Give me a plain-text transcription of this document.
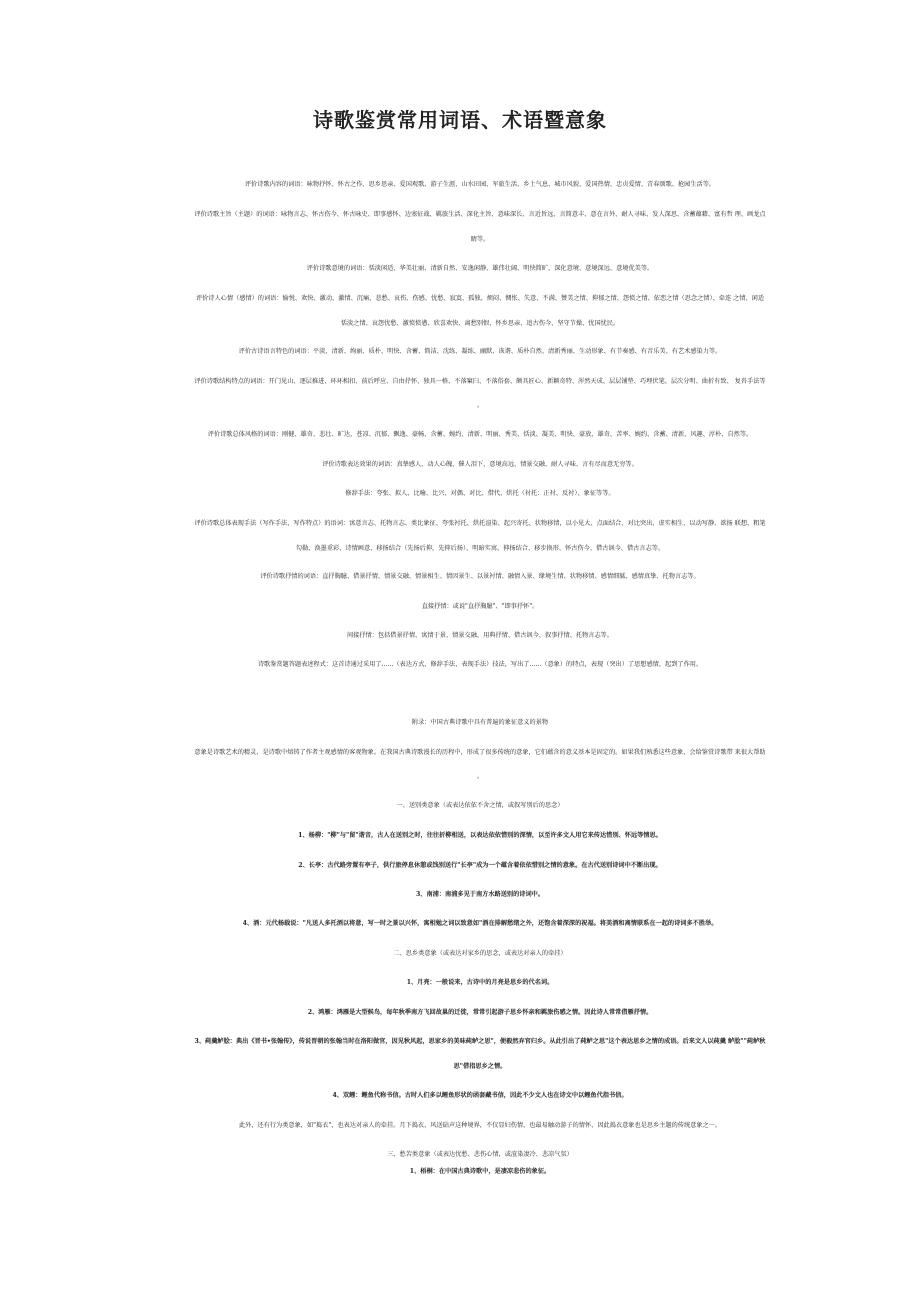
诗歌鉴赏常用词语、术语暨意象
评价诗歌内容的词语：咏物抒怀、怀古之作、思乡思亲、爱国观歌、游子生涯、山水田园、军旅生活、乡土气息、城市风貌、爱国热情、忠贞爱情、青春颂歌、抢园生活等。
评价诗歌主旨（主题）的词语：咏物言志、怀古伤今、怀古咏史、即事感怀、边塞征战、羁旅生活、深化主旨、意味深长、言近旨远、言简意丰、意在言外、耐人寻味、发人深思、含蓄蕴藉、富有哲 理、画龙点
睛等。
评价诗歌意境的词语：恬淡闲适、华美壮丽、清新自然、安逸闲静、雄伟壮阔、明快简旷、深化意境、意境深远、意境优美等。
评价诗人心情（感情）的词语：愉悦、欢快、激动、激情、沉痛、悲愁、哀伤、伤感、忧愁、寂寞、孤独、烦闷、惆怅、失意、不满、赞美之情、抑郁之情、怨愤之情、依恋之情（思念之情）、牵连 之情、闲适
恬淡之情、哀怨忧愁、激愤愤懑、欣喜欢快、离愁别恨、怀乡思亲、追古伤今、坚守节操、忧国忧民。
评价古诗语言特色的词语：平淡、清新、绚丽、质朴、明快、含蓄、简洁、沈练、凝练、幽默、诙谐、质朴自然、清新秀丽、生动形象、有节奏感、有音乐美、有艺术感染力等。
评价诗歌结构特点的词语：开门见山、逐层推进、环环相扣、前后呼应、自由抒怀、独具一格、不落窠臼、不落俗套、颇具匠心、新颖奇特、浑然天成、层层铺垫、巧埋伏笔、层次分明、曲折有致、 复沓手法等
。
评价诗歌总体风格的词语：刚健、雄奇、悲壮、旷达、苍凉、沉郁、飘逸、豪畅、含蓄、婉约、清新、明丽、秀美、恬淡、凝美、明快、豪放、雄奇、苦率、婉约、含蓄、清新、风趣、淳朴、自然等。
评价诗歌表达效果的词语：真挚感人、动人心魄、催人泪下、意境高远、情景交融、耐人寻味、言有尽而意无穷等。
修辞手法：夸张、拟人、比喻、比兴、对偶、对比、借代、烘托（衬托：正衬、反衬）、象征等等。
评价诗歌总体表现手法（写作手法，写作特点）的语词：寓意言志、托物言志、类比象征、夸张衬托、烘托渲染、起兴寄托、状物移情，以小见大、点面结合、对比突出、虚实相生、以动写静、欲扬 联想、粗笔
勾勒、涣墨重彩、诗情画意、移扬结合（先扬后抑，先抑后扬）、明暗实寓、抑扬结合、移步换形、怀古伤今、借古讽今、借古言志等。
评价诗歌抒情的词语：直抒胸臆、借景抒情、情景交融、情景相生、情因景生、以景衬情、融情入景、缘境生情、状物移情、感情细腻、感情真挚、托物言志等。
直接抒情：或说"直抒胸臆"、"即事抒怀"。
间接抒情：包括借景抒情、寓情于景、情景交融、用典抒情、借古讽今、叙事抒情、托物言志等。
诗歌鉴赏题答题表述程式：这首诗通过采用了......（表达方式，修辞手法，表现手法）技法，写出了......（意象）的特点，表现（突出）了思想感情，起到了作用。
附录：中国古典诗歌中具有普遍的象征意义的景物
意象是诗歌艺术的精灵，是诗歌中熔铸了作者主观感情的客观物象。在我国古典诗歌漫长的历程中，形成了很多传统的意象，它们蕴含的意义基本是固定的。如果我们熟悉这些意象，会给鉴赏诗歌带 来很大帮助
。
一、送别类意象（或表达依依不舍之情，或叙写别后的思念）
1、杨柳："柳"与"留"谐音，古人在送别之时，往往折柳相送，以表达依依惜别的深情，以至许多文人用它来传达惜别、怀远等情思。
2、长亭：古代路旁置有亭子，供行旅停息休憩或饯别送行"长亭"成为一个蕴含着依依惜别之情的意象。在古代送别诗词中不断出现。
3、南浦：南浦多见于南方水路送别的诗词中。
4、酒：元代杨载说："凡送人多托酒以将意，写一时之景以兴怀，寓相勉之词以致意如"酒在排解愁绪之外，还饱含着深深的祝福。将美酒和离情联系在一起的诗词多不胜举。
二、思乡类意象（或表达对家乡的思念，或表达对亲人的牵挂）
1、月亮：一般说来，古诗中的月亮是思乡的代名词。
2、鸿雁：鸿雁是大型候鸟，每年秋季南方飞回故巢的迁徙，常常引起游子思乡怀亲和羁旅伤感之情。因此诗人常常借雁抒情。
3、莼羹鲈脍：典出《晋书•张翰传》，传说晋朝的张翰当时在洛阳做官，因见秋风起，思家乡的美味莼鲈之思"，便毅然弃官归乡。从此引出了莼鲈之思"这个表达思乡之情的成语。后来文人以莼羹 鲈脍""莼鲈秋
思"借指思乡之情。
4、双鲤：鲤鱼代称书信。古时人们多以鲤鱼形状的函套藏书信，因此不少文人也在诗文中以鲤鱼代指书信。
此外，还有行为类意象，如"捣衣"，也表达对亲人的牵挂。月下捣衣，风送砧声这种境界，不仅显妇伤情，也最易触动游子的情怀，因此捣衣意象也是思乡主题的传统意象之一。
三、愁苦类意象（或表达忧愁、悲伤心情，或渲染凄冷、悲凉气氛）
1、梧桐：在中国古典诗歌中，是凄凉悲伤的象征。
